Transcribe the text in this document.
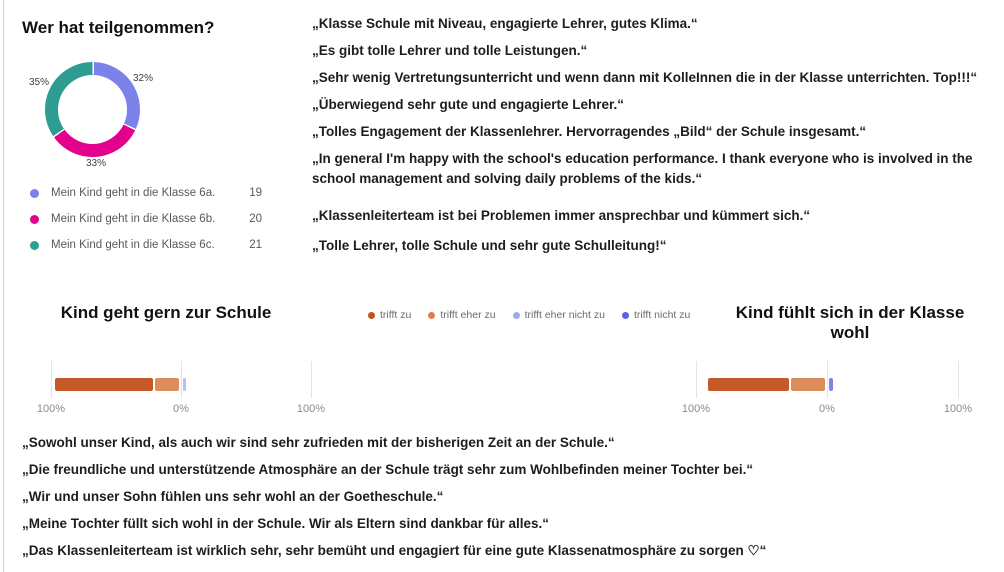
Wer hat teilgenommen?
32%
33%
35%
Mein Kind geht in die Klasse 6a.	19
Mein Kind geht in die Klasse 6b.	20
Mein Kind geht in die Klasse 6c.	21

„Klasse Schule mit Niveau, engagierte Lehrer, gutes Klima.“

„Es gibt tolle Lehrer und tolle Leistungen.“

„Sehr wenig Vertretungsunterricht und wenn dann mit KolleInnen die in der Klasse unterrichten. Top!!!“

„Überwiegend sehr gute und engagierte Lehrer.“

„Tolles Engagement der Klassenlehrer. Hervorragendes „Bild“ der Schule insgesamt.“

„In general I'm happy with the school's education performance. I thank everyone who is involved in the school management and solving daily problems of the kids.“

„Klassenleiterteam ist bei Problemen immer ansprechbar und kümmert sich.“

„Tolle Lehrer, tolle Schule und sehr gute Schulleitung!“

Kind geht gern zur Schule	trifft zu	trifft eher zu	trifft eher nicht zu	trifft nicht zu	Kind fühlt sich in der Klasse wohl
100%	0%	100%	100%	0%	100%

„Sowohl unser Kind, als auch wir sind sehr zufrieden mit der bisherigen Zeit an der Schule.“

„Die freundliche und unterstützende Atmosphäre an der Schule trägt sehr zum Wohlbefinden meiner Tochter bei.“

„Wir und unser Sohn fühlen uns sehr wohl an der Goetheschule.“

„Meine Tochter füllt sich wohl in der Schule. Wir als Eltern sind dankbar für alles.“

„Das Klassenleiterteam ist wirklich sehr, sehr bemüht und engagiert für eine gute Klassenatmosphäre zu sorgen ♡“
